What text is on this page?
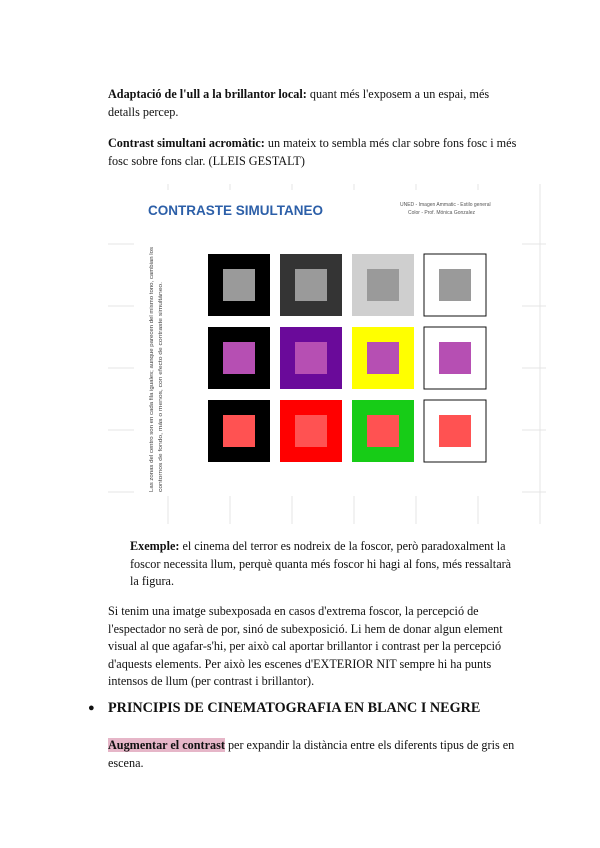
Adaptació de l'ull a la brillantor local: quant més l'exposem a un espai, més detalls percep.
Contrast simultani acromàtic: un mateix to sembla més clar sobre fons fosc i més fosc sobre fons clar. (LLEIS GESTALT)
CONTRASTE SIMULTANEO	UNED - Imagen Ammatic - Estilo general
Color - Prof. Mónica Gonzalez
Las zonas del centro son en cada fila iguales; aunque parecen del mismo tono, cambian los contornos de fondo, más o menos, con efecto de contraste simultáneo.
Exemple: el cinema del terror es nodreix de la foscor, però paradoxalment la foscor necessita llum, perquè quanta més foscor hi hagi al fons, més ressaltarà la figura.
Si tenim una imatge subexposada en casos d'extrema foscor, la percepció de l'espectador no serà de por, sinó de subexposició. Li hem de donar algun element visual al que agafar-s'hi, per això cal aportar brillantor i contrast per la percepció d'aquests elements. Per això les escenes d'EXTERIOR NIT sempre hi ha punts intensos de llum (per contrast i brillantor).
● PRINCIPIS DE CINEMATOGRAFIA EN BLANC I NEGRE
Augmentar el contrast per expandir la distància entre els diferents tipus de gris en escena.
